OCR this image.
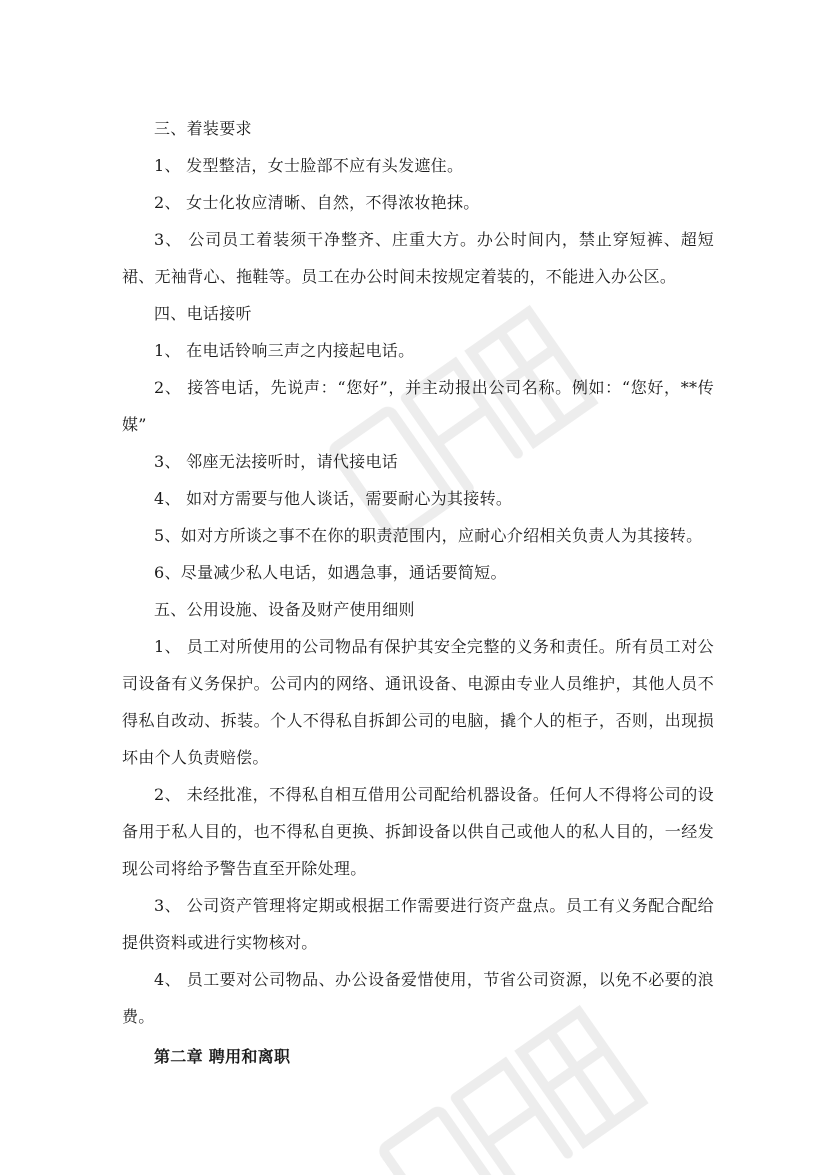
三、着装要求

1、 发型整洁，女士脸部不应有头发遮住。

2、 女士化妆应清晰、自然，不得浓妆艳抹。

3、 公司员工着装须干净整齐、庄重大方。办公时间内，禁止穿短裤、超短裙、无袖背心、拖鞋等。员工在办公时间未按规定着装的，不能进入办公区。

四、电话接听

1、 在电话铃响三声之内接起电话。

2、 接答电话，先说声：“您好”，并主动报出公司名称。例如：“您好，**传媒”

3、 邻座无法接听时，请代接电话

4、 如对方需要与他人谈话，需要耐心为其接转。

5、如对方所谈之事不在你的职责范围内，应耐心介绍相关负责人为其接转。

6、尽量减少私人电话，如遇急事，通话要简短。

五、公用设施、设备及财产使用细则

1、 员工对所使用的公司物品有保护其安全完整的义务和责任。所有员工对公司设备有义务保护。公司内的网络、通讯设备、电源由专业人员维护，其他人员不得私自改动、拆装。个人不得私自拆卸公司的电脑，撬个人的柜子，否则，出现损坏由个人负责赔偿。

2、 未经批准，不得私自相互借用公司配给机器设备。任何人不得将公司的设备用于私人目的，也不得私自更换、拆卸设备以供自己或他人的私人目的，一经发现公司将给予警告直至开除处理。

3、 公司资产管理将定期或根据工作需要进行资产盘点。员工有义务配合配给提供资料或进行实物核对。

4、 员工要对公司物品、办公设备爱惜使用，节省公司资源，以免不必要的浪费。

第二章 聘用和离职
